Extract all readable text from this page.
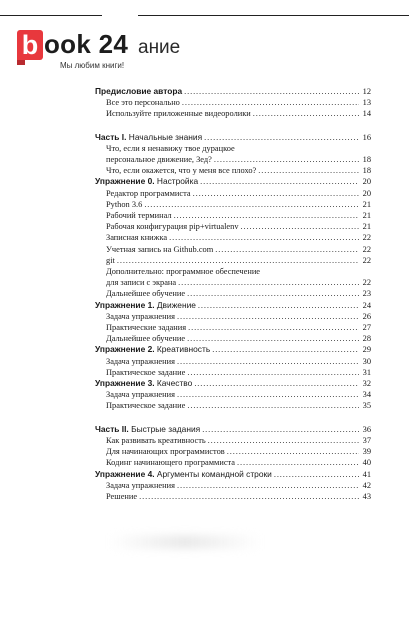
b ook 24 ание
Мы любим книги!
Предисловие автора . . .	12
Все это персонально . . .	13
Используйте приложенные видеоролики . . .	14
Часть I. Начальные знания . . .	16
Что, если я ненавижу твое дурацкое
персональное движение, Зед? . . .	18
Что, если окажется, что у меня все плохо? . . .	18
Упражнение 0. Настройка . . .	20
Редактор программиста . . .	20
Python 3.6 . . .	21
Рабочий терминал . . .	21
Рабочая конфигурация pip+virtualenv . . .	21
Записная книжка . . .	22
Учетная запись на Github.com . . .	22
git . . .	22
Дополнительно: программное обеспечение
для записи с экрана . . .	22
Дальнейшее обучение . . .	23
Упражнение 1. Движение . . .	24
Задача упражнения . . .	26
Практические задания . . .	27
Дальнейшее обучение . . .	28
Упражнение 2. Креативность . . .	29
Задача упражнения . . .	30
Практическое задание . . .	31
Упражнение 3. Качество . . .	32
Задача упражнения . . .	34
Практическое задание . . .	35
Часть II. Быстрые задания . . .	36
Как развивать креативность . . .	37
Для начинающих программистов . . .	39
Кодинг начинающего программиста . . .	40
Упражнение 4. Аргументы командной строки . . .	41
Задача упражнения . . .	42
Решение . . .	43
